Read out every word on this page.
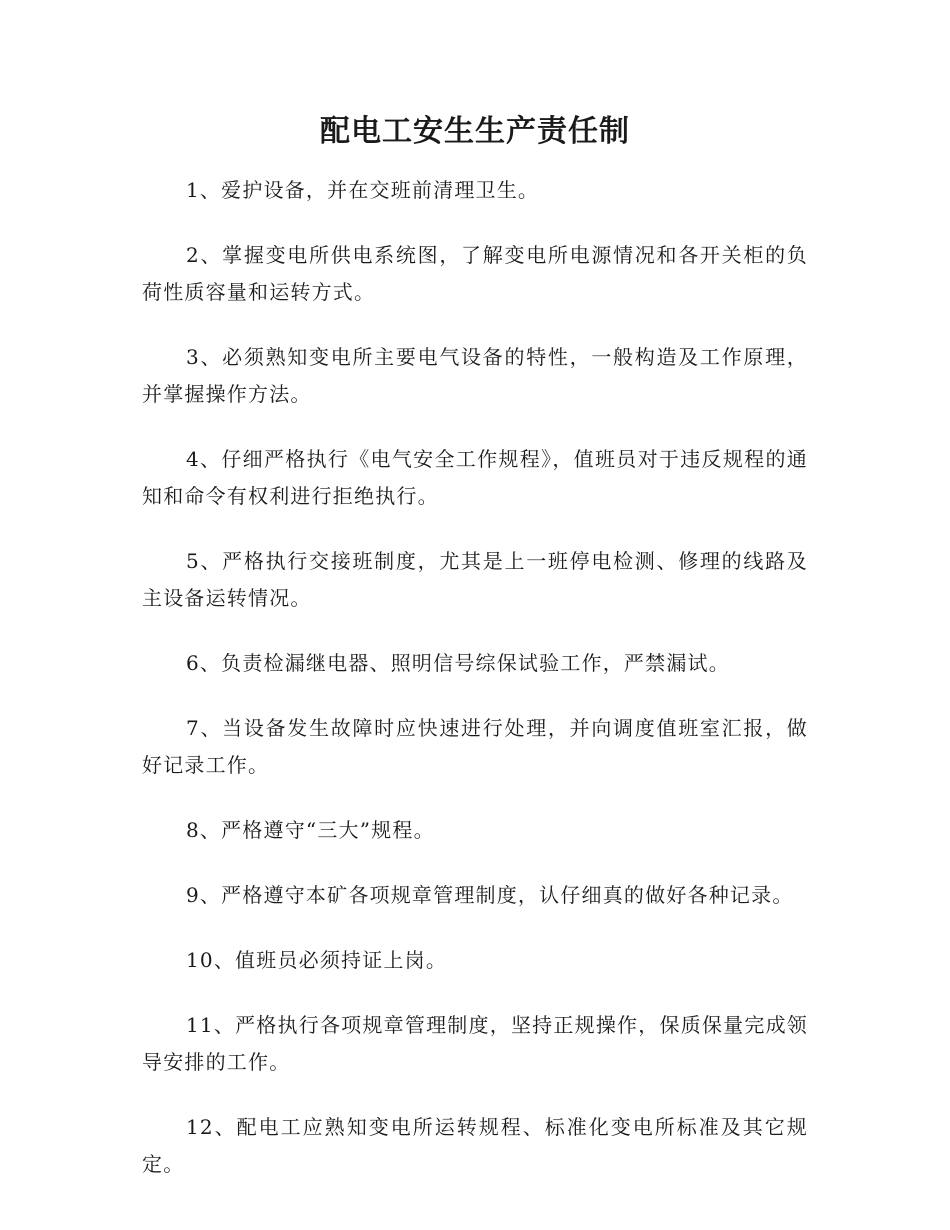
配电工安生生产责任制

1、爱护设备，并在交班前清理卫生。

2、掌握变电所供电系统图，了解变电所电源情况和各开关柜的负荷性质容量和运转方式。

3、必须熟知变电所主要电气设备的特性，一般构造及工作原理，并掌握操作方法。

4、仔细严格执行《电气安全工作规程》，值班员对于违反规程的通知和命令有权利进行拒绝执行。

5、严格执行交接班制度，尤其是上一班停电检测、修理的线路及主设备运转情况。

6、负责检漏继电器、照明信号综保试验工作，严禁漏试。

7、当设备发生故障时应快速进行处理，并向调度值班室汇报，做好记录工作。

8、严格遵守“三大”规程。

9、严格遵守本矿各项规章管理制度，认仔细真的做好各种记录。

10、值班员必须持证上岗。

11、严格执行各项规章管理制度，坚持正规操作，保质保量完成领导安排的工作。

12、配电工应熟知变电所运转规程、标准化变电所标准及其它规定。
